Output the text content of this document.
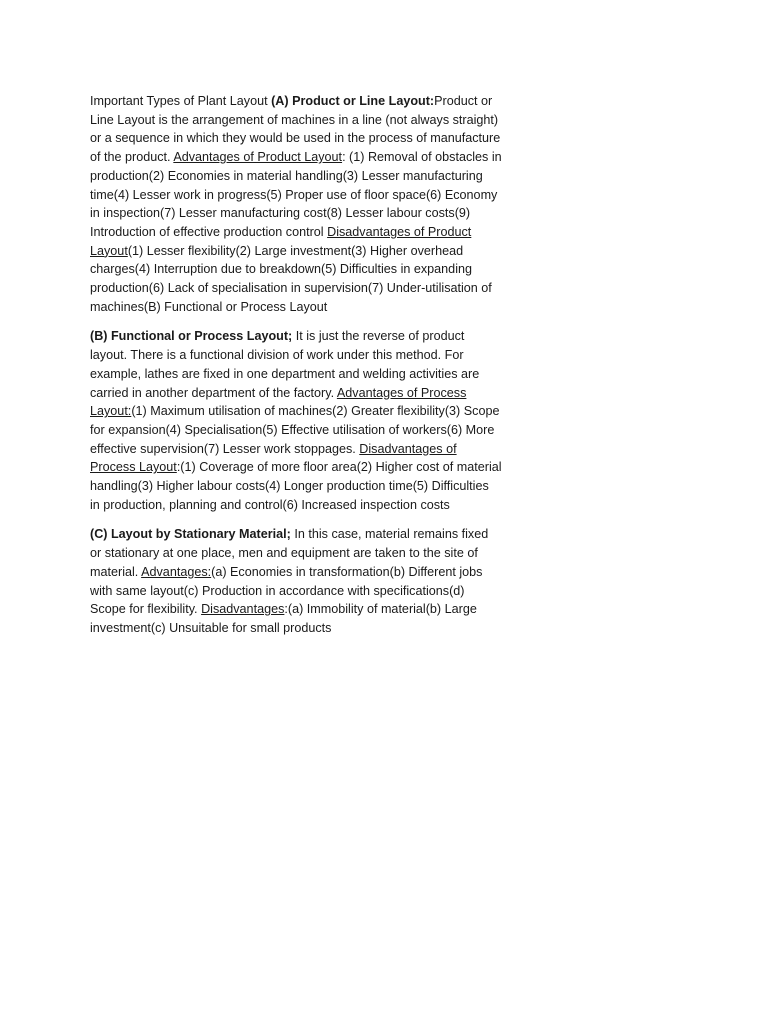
Important Types of Plant Layout (A) Product or Line Layout:Product or Line Layout is the arrangement of machines in a line (not always straight) or a sequence in which they would be used in the process of manufacture of the product. Advantages of Product Layout: (1) Removal of obstacles in production(2) Economies in material handling(3) Lesser manufacturing time(4) Lesser work in progress(5) Proper use of floor space(6) Economy in inspection(7) Lesser manufacturing cost(8) Lesser labour costs(9) Introduction of effective production control Disadvantages of Product Layout(1) Lesser flexibility(2) Large investment(3) Higher overhead charges(4) Interruption due to breakdown(5) Difficulties in expanding production(6) Lack of specialisation in supervision(7) Under-utilisation of machines(B) Functional or Process Layout

(B) Functional or Process Layout; It is just the reverse of product layout. There is a functional division of work under this method. For example, lathes are fixed in one department and welding activities are carried in another department of the factory. Advantages of Process Layout:(1) Maximum utilisation of machines(2) Greater flexibility(3) Scope for expansion(4) Specialisation(5) Effective utilisation of workers(6) More effective supervision(7) Lesser work stoppages. Disadvantages of Process Layout:(1) Coverage of more floor area(2) Higher cost of material handling(3) Higher labour costs(4) Longer production time(5) Difficulties in production, planning and control(6) Increased inspection costs

(C) Layout by Stationary Material; In this case, material remains fixed or stationary at one place, men and equipment are taken to the site of material. Advantages:(a) Economies in transformation(b) Different jobs with same layout(c) Production in accordance with specifications(d) Scope for flexibility. Disadvantages:(a) Immobility of material(b) Large investment(c) Unsuitable for small products
